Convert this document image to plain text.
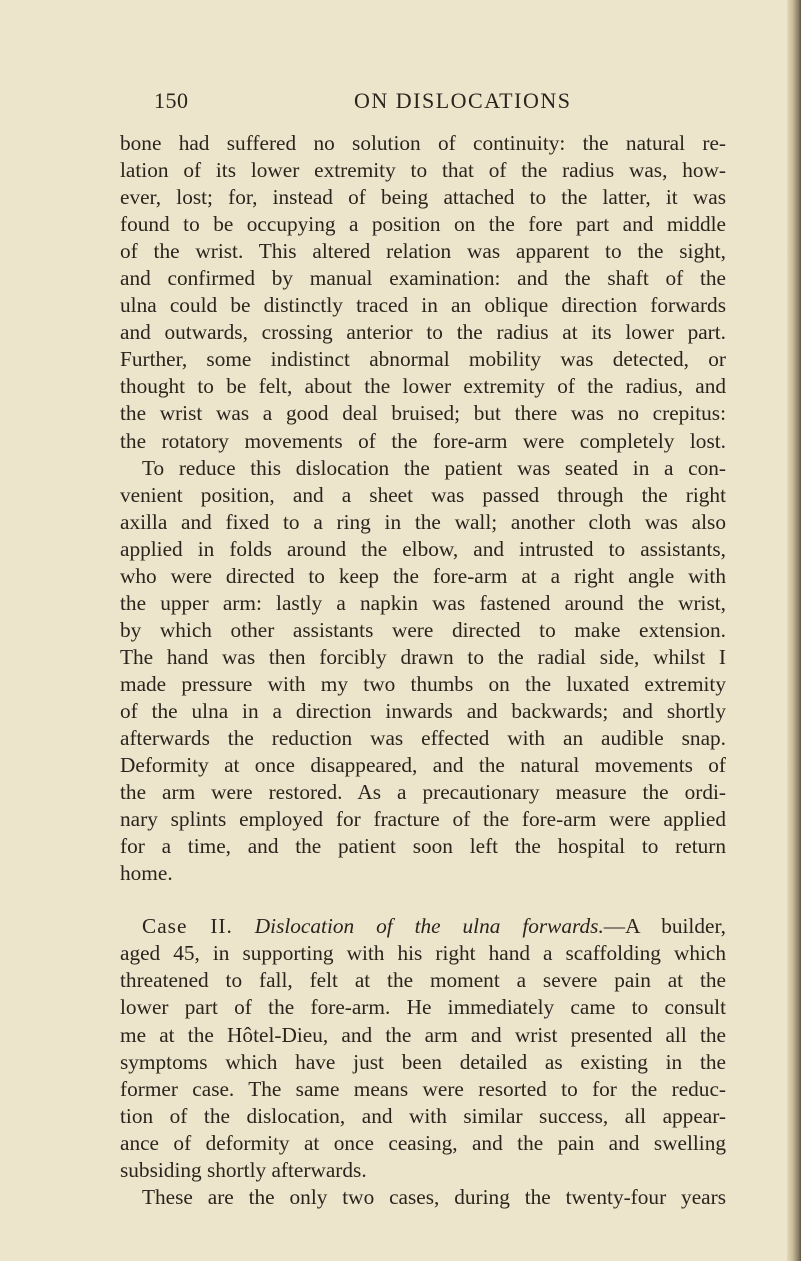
150	ON DISLOCATIONS
bone had suffered no solution of continuity: the natural re-
lation of its lower extremity to that of the radius was, how-
ever, lost; for, instead of being attached to the latter, it was
found to be occupying a position on the fore part and middle
of the wrist. This altered relation was apparent to the sight,
and confirmed by manual examination: and the shaft of the
ulna could be distinctly traced in an oblique direction forwards
and outwards, crossing anterior to the radius at its lower part.
Further, some indistinct abnormal mobility was detected, or
thought to be felt, about the lower extremity of the radius, and
the wrist was a good deal bruised; but there was no crepitus:
the rotatory movements of the fore-arm were completely lost.
To reduce this dislocation the patient was seated in a con-
venient position, and a sheet was passed through the right
axilla and fixed to a ring in the wall; another cloth was also
applied in folds around the elbow, and intrusted to assistants,
who were directed to keep the fore-arm at a right angle with
the upper arm: lastly a napkin was fastened around the wrist,
by which other assistants were directed to make extension.
The hand was then forcibly drawn to the radial side, whilst I
made pressure with my two thumbs on the luxated extremity
of the ulna in a direction inwards and backwards; and shortly
afterwards the reduction was effected with an audible snap.
Deformity at once disappeared, and the natural movements of
the arm were restored. As a precautionary measure the ordi-
nary splints employed for fracture of the fore-arm were applied
for a time, and the patient soon left the hospital to return
home.
Case II. Dislocation of the ulna forwards.—A builder,
aged 45, in supporting with his right hand a scaffolding which
threatened to fall, felt at the moment a severe pain at the
lower part of the fore-arm. He immediately came to consult
me at the Hôtel-Dieu, and the arm and wrist presented all the
symptoms which have just been detailed as existing in the
former case. The same means were resorted to for the reduc-
tion of the dislocation, and with similar success, all appear-
ance of deformity at once ceasing, and the pain and swelling
subsiding shortly afterwards.
These are the only two cases, during the twenty-four years
